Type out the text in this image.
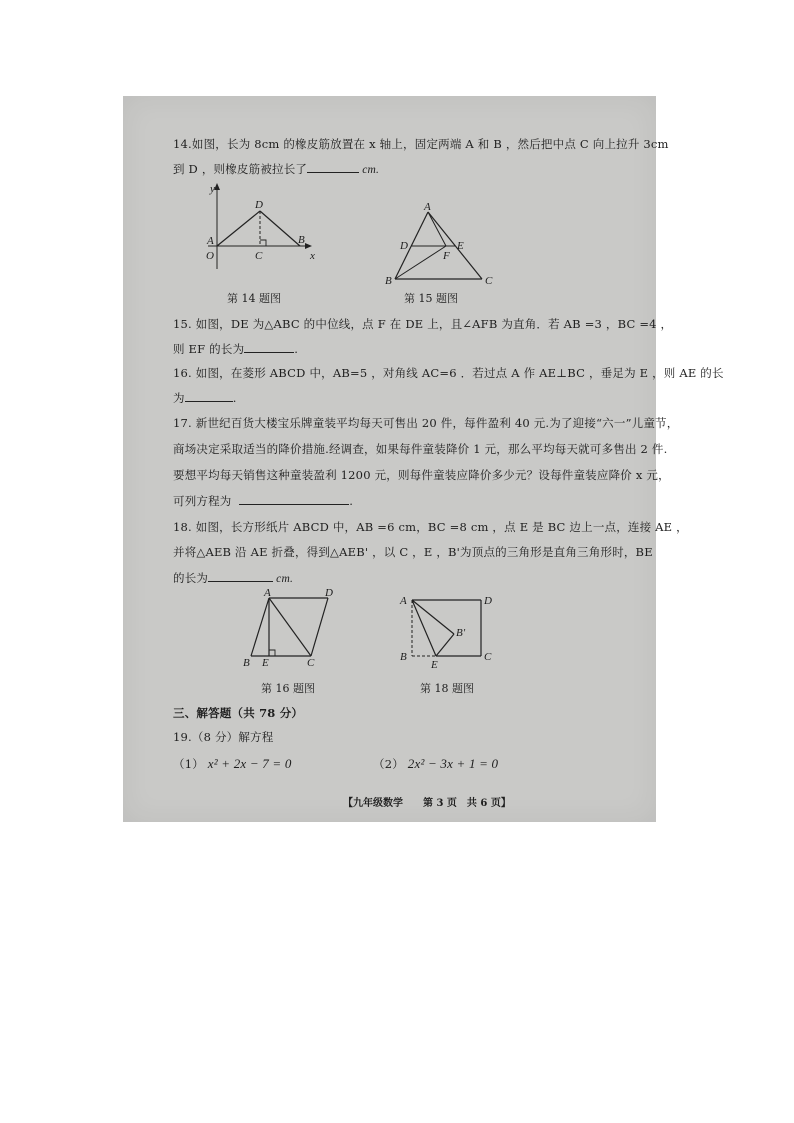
14.如图，长为 8cm 的橡皮筋放置在 x 轴上，固定两端 A 和 B ，然后把中点 C 向上拉升 3cm
到 D ，则橡皮筋被拉长了	cm.
y
x
A
O	C
D
B
第 14 题图
A
D	E
F
B	C
第 15 题图
15. 如图，DE 为△ABC 的中位线，点 F 在 DE 上，且∠AFB 为直角．若 AB =3 ，BC =4 ，
则 EF 的长为	.
16. 如图，在菱形 ABCD 中，AB=5 ，对角线 AC=6 ．若过点 A 作 AE⊥BC ，垂足为 E ，则 AE 的长
为	.
17. 新世纪百货大楼宝乐牌童装平均每天可售出 20 件，每件盈利 40 元.为了迎接“六一”儿童节，
商场决定采取适当的降价措施.经调查，如果每件童装降价 1 元，那么平均每天就可多售出 2 件.
要想平均每天销售这种童装盈利 1200 元，则每件童装应降价多少元？设每件童装应降价 x 元，
可列方程为	.
18. 如图，长方形纸片 ABCD 中，AB =6 cm，BC =8 cm ，点 E 是 BC 边上一点，连接 AE ，
并将△AEB 沿 AE 折叠，得到△AEB' ，以 C ，E ，B'为顶点的三角形是直角三角形时，BE
的长为	cm.
A	D
B E	C
第 16 题图
A	D
B′
B
E
C
第 18 题图
三、解答题（共 78 分）
19.（8 分）解方程
（1） x² + 2x − 7 = 0	（2） 2x² − 3x + 1 = 0
【九年级数学　　第 3 页　共 6 页】
